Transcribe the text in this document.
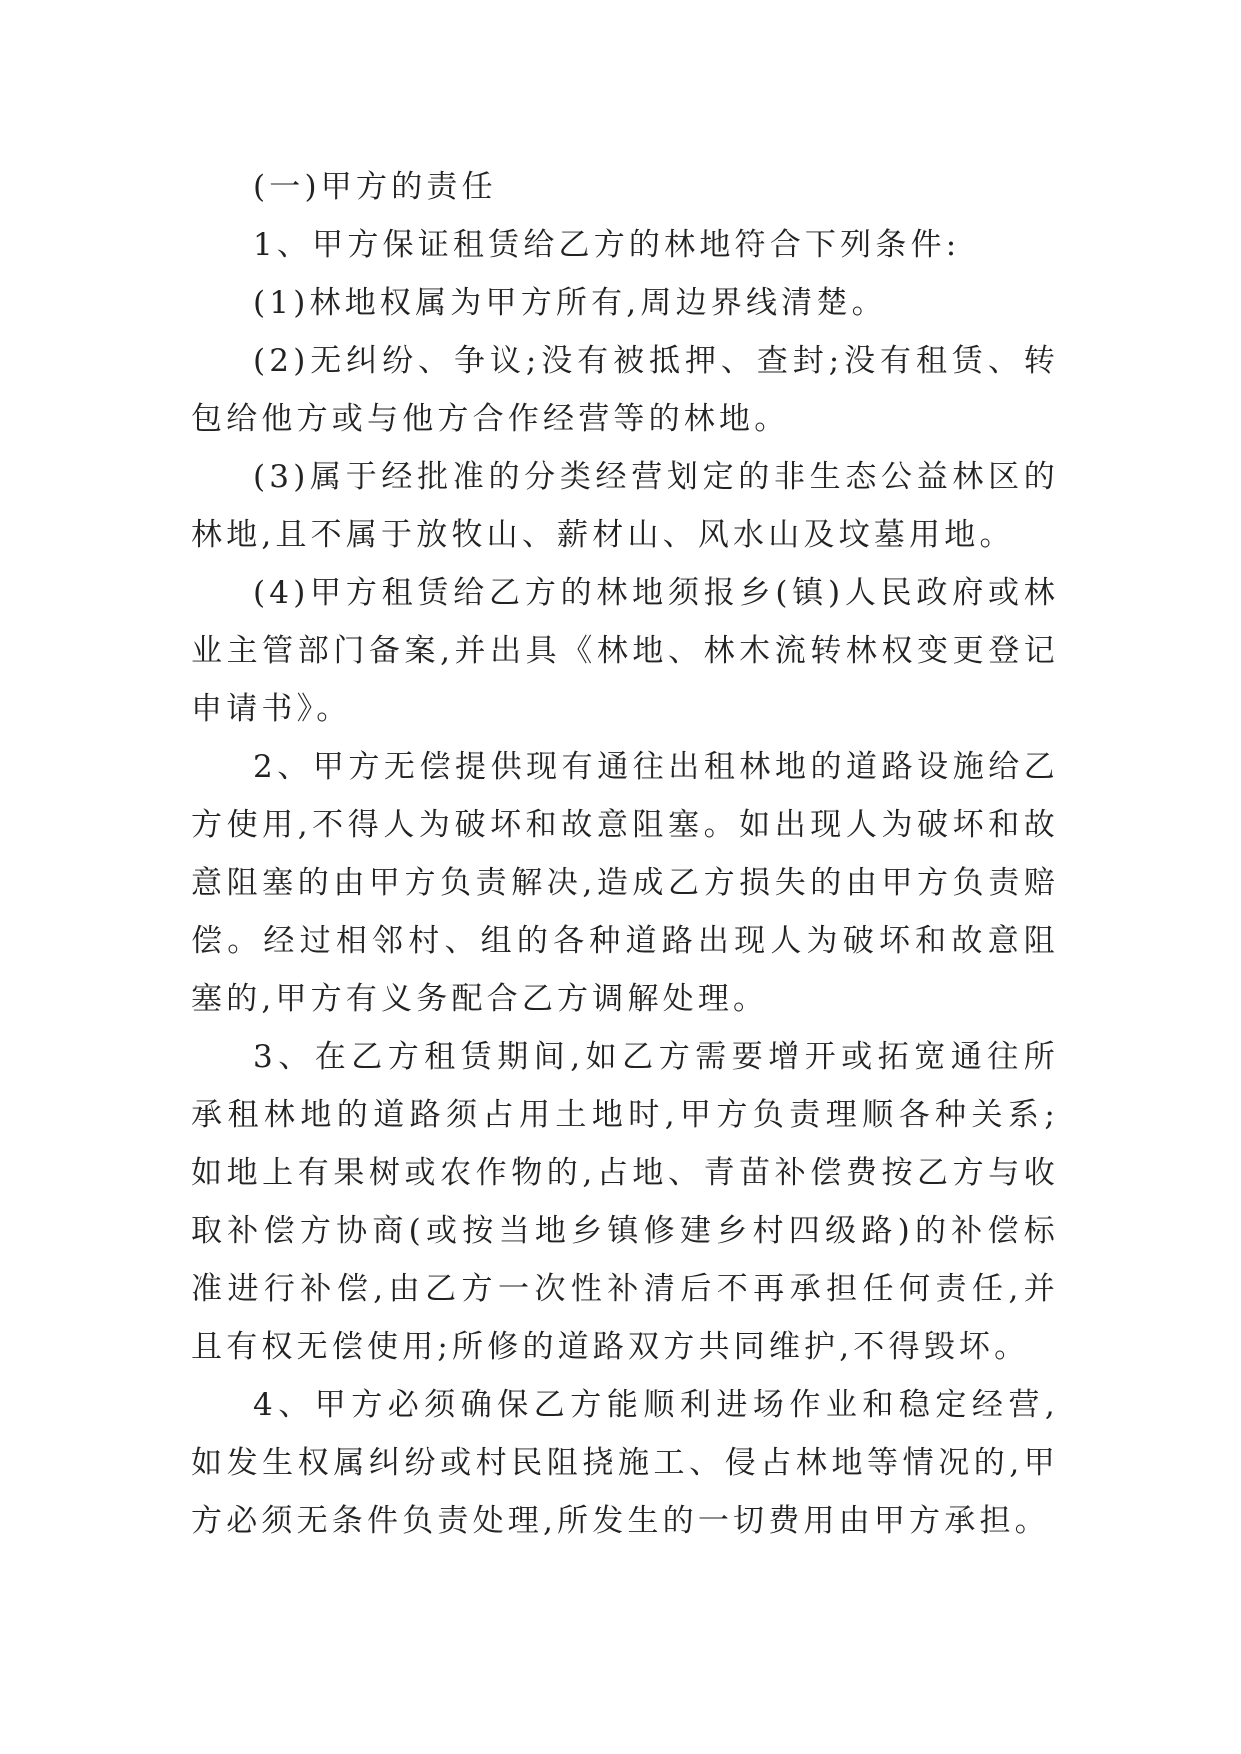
(一)甲方的责任

1、甲方保证租赁给乙方的林地符合下列条件:

(1)林地权属为甲方所有,周边界线清楚。

(2)无纠纷、争议;没有被抵押、查封;没有租赁、转包给他方或与他方合作经营等的林地。

(3)属于经批准的分类经营划定的非生态公益林区的林地,且不属于放牧山、薪材山、风水山及坟墓用地。

(4)甲方租赁给乙方的林地须报乡(镇)人民政府或林业主管部门备案,并出具《林地、林木流转林权变更登记申请书》。

2、甲方无偿提供现有通往出租林地的道路设施给乙方使用,不得人为破坏和故意阻塞。如出现人为破坏和故意阻塞的由甲方负责解决,造成乙方损失的由甲方负责赔偿。经过相邻村、组的各种道路出现人为破坏和故意阻塞的,甲方有义务配合乙方调解处理。

3、在乙方租赁期间,如乙方需要增开或拓宽通往所承租林地的道路须占用土地时,甲方负责理顺各种关系;如地上有果树或农作物的,占地、青苗补偿费按乙方与收取补偿方协商(或按当地乡镇修建乡村四级路)的补偿标准进行补偿,由乙方一次性补清后不再承担任何责任,并且有权无偿使用;所修的道路双方共同维护,不得毁坏。

4、甲方必须确保乙方能顺利进场作业和稳定经营,如发生权属纠纷或村民阻挠施工、侵占林地等情况的,甲方必须无条件负责处理,所发生的一切费用由甲方承担。
